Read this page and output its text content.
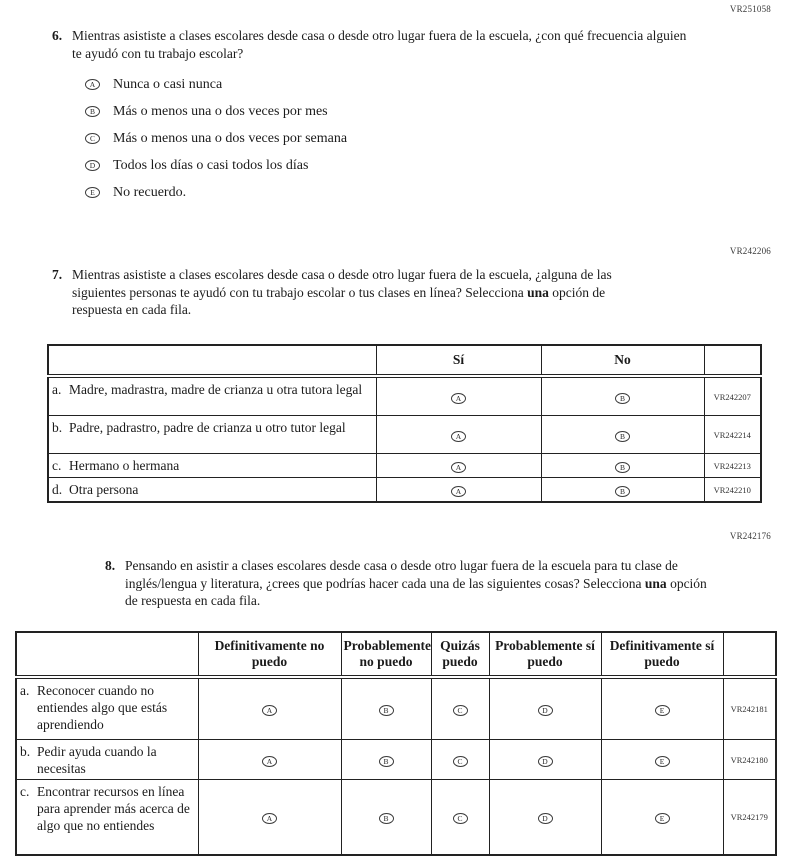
VR251058
VR242206
VR242176
6. Mientras asististe a clases escolares desde casa o desde otro lugar fuera de la escuela, ¿con qué frecuencia alguien te ayudó con tu trabajo escolar?

A	Nunca o casi nunca
B	Más o menos una o dos veces por mes
C	Más o menos una o dos veces por semana
D	Todos los días o casi todos los días
E	No recuerdo.
7. Mientras asististe a clases escolares desde casa o desde otro lugar fuera de la escuela, ¿alguna de las siguientes personas te ayudó con tu trabajo escolar o tus clases en línea? Selecciona una opción de respuesta en cada fila.

	Sí	No	

a. Madre, madrastra, madre de crianza u otra tutora legal	A	B	VR242207

b. Padre, padrastro, padre de crianza u otro tutor legal	A	B	VR242214

c. Hermano o hermana	A	B	VR242213

d. Otra persona	A	B	VR242210
8. Pensando en asistir a clases escolares desde casa o desde otro lugar fuera de la escuela para tu clase de inglés/lengua y literatura, ¿crees que podrías hacer cada una de las siguientes cosas? Selecciona una opción de respuesta en cada fila.

	Definitivamente no puedo	Probablemente no puedo	Quizás puedo	Probablemente sí puedo	Definitivamente sí puedo	

a. Reconocer cuando no entiendes algo que estás aprendiendo	A	B	C	D	E	VR242181

b. Pedir ayuda cuando la necesitas	A	B	C	D	E	VR242180

c. Encontrar recursos en línea para aprender más acerca de algo que no entiendes	A	B	C	D	E	VR242179
